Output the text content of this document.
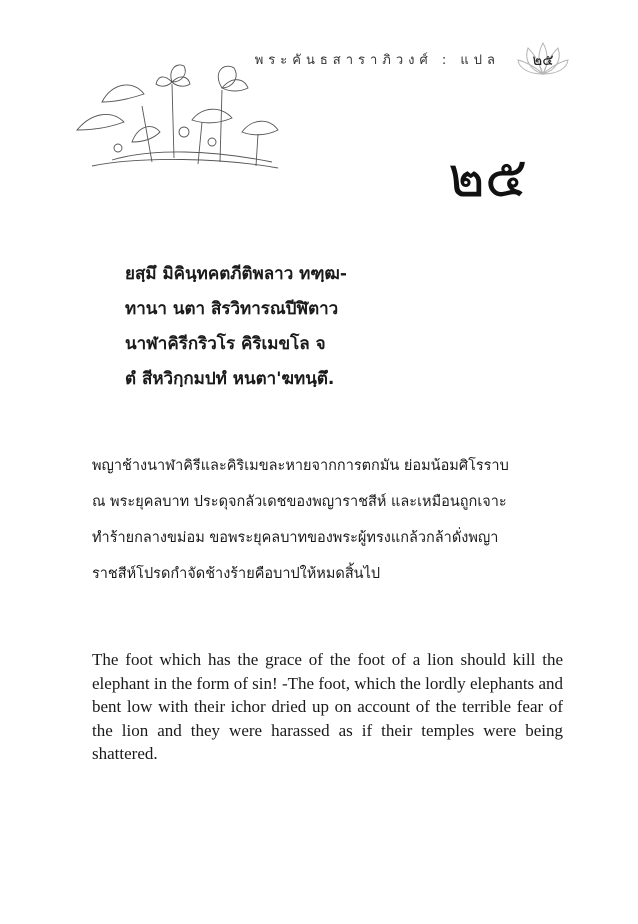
พระคันธสาราภิวงศ์ : แปล	๒๕
๒๕
ยสฺมึ มิคินฺทคตภีติพลาว ทฑฺฒ-
ทานา นตา สิรวิทารณปีฬิตาว
นาฬาคิรีกริวโร คิริเมขโล จ
ตํ สีหวิกฺกมปทํ หนตา'ฆทนฺตึ.
พญาช้างนาฬาคิรีและคิริเมขละหายจากการตกมัน ย่อมน้อมศิโรราบ
ณ พระยุคลบาท ประดุจกลัวเดชของพญาราชสีห์ และเหมือนถูกเจาะ
ทำร้ายกลางขม่อม ขอพระยุคลบาทของพระผู้ทรงแกล้วกล้าดั่งพญา
ราชสีห์โปรดกำจัดช้างร้ายคือบาปให้หมดสิ้นไป

The foot which has the grace of the foot of a lion should kill the elephant in the form of sin! -The foot, which the lordly elephants and bent low with their ichor dried up on account of the terrible fear of the lion and they were harassed as if their temples were being shattered.
